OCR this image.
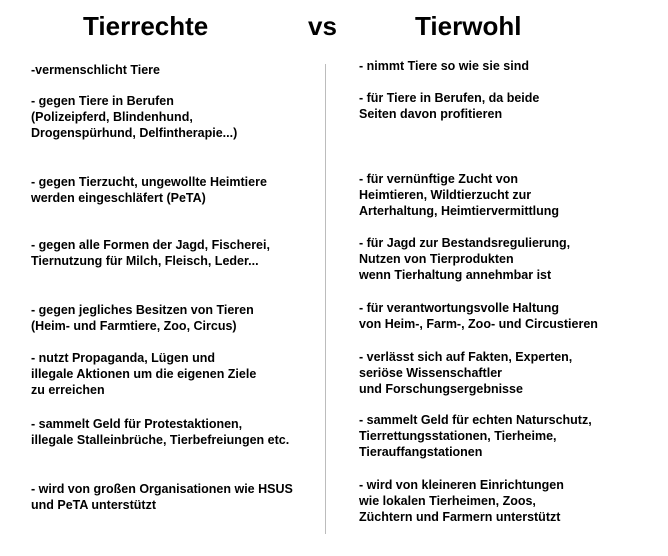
Tierrechte	vs	Tierwohl

-vermenschlicht Tiere

- gegen Tiere in Berufen
(Polizeipferd, Blindenhund,
Drogenspürhund, Delfintherapie...)

- gegen Tierzucht, ungewollte Heimtiere
werden eingeschläfert (PeTA)

- gegen alle Formen der Jagd, Fischerei,
Tiernutzung für Milch, Fleisch, Leder...

- gegen jegliches Besitzen von Tieren
(Heim- und Farmtiere, Zoo, Circus)

- nutzt Propaganda, Lügen und
illegale Aktionen um die eigenen Ziele
zu erreichen

- sammelt Geld für Protestaktionen,
illegale Stalleinbrüche, Tierbefreiungen etc.

- wird von großen Organisationen wie HSUS
und PeTA unterstützt

- nimmt Tiere so wie sie sind

- für Tiere in Berufen, da beide
Seiten davon profitieren

- für vernünftige Zucht von
Heimtieren, Wildtierzucht zur
Arterhaltung, Heimtiervermittlung

- für Jagd zur Bestandsregulierung,
Nutzen von Tierprodukten
wenn Tierhaltung annehmbar ist

- für verantwortungsvolle Haltung
von Heim-, Farm-, Zoo- und Circustieren

- verlässt sich auf Fakten, Experten,
seriöse Wissenschaftler
und Forschungsergebnisse

- sammelt Geld für echten Naturschutz,
Tierrettungsstationen, Tierheime,
Tierauffangstationen

- wird von kleineren Einrichtungen
wie lokalen Tierheimen, Zoos,
Züchtern und Farmern unterstützt
